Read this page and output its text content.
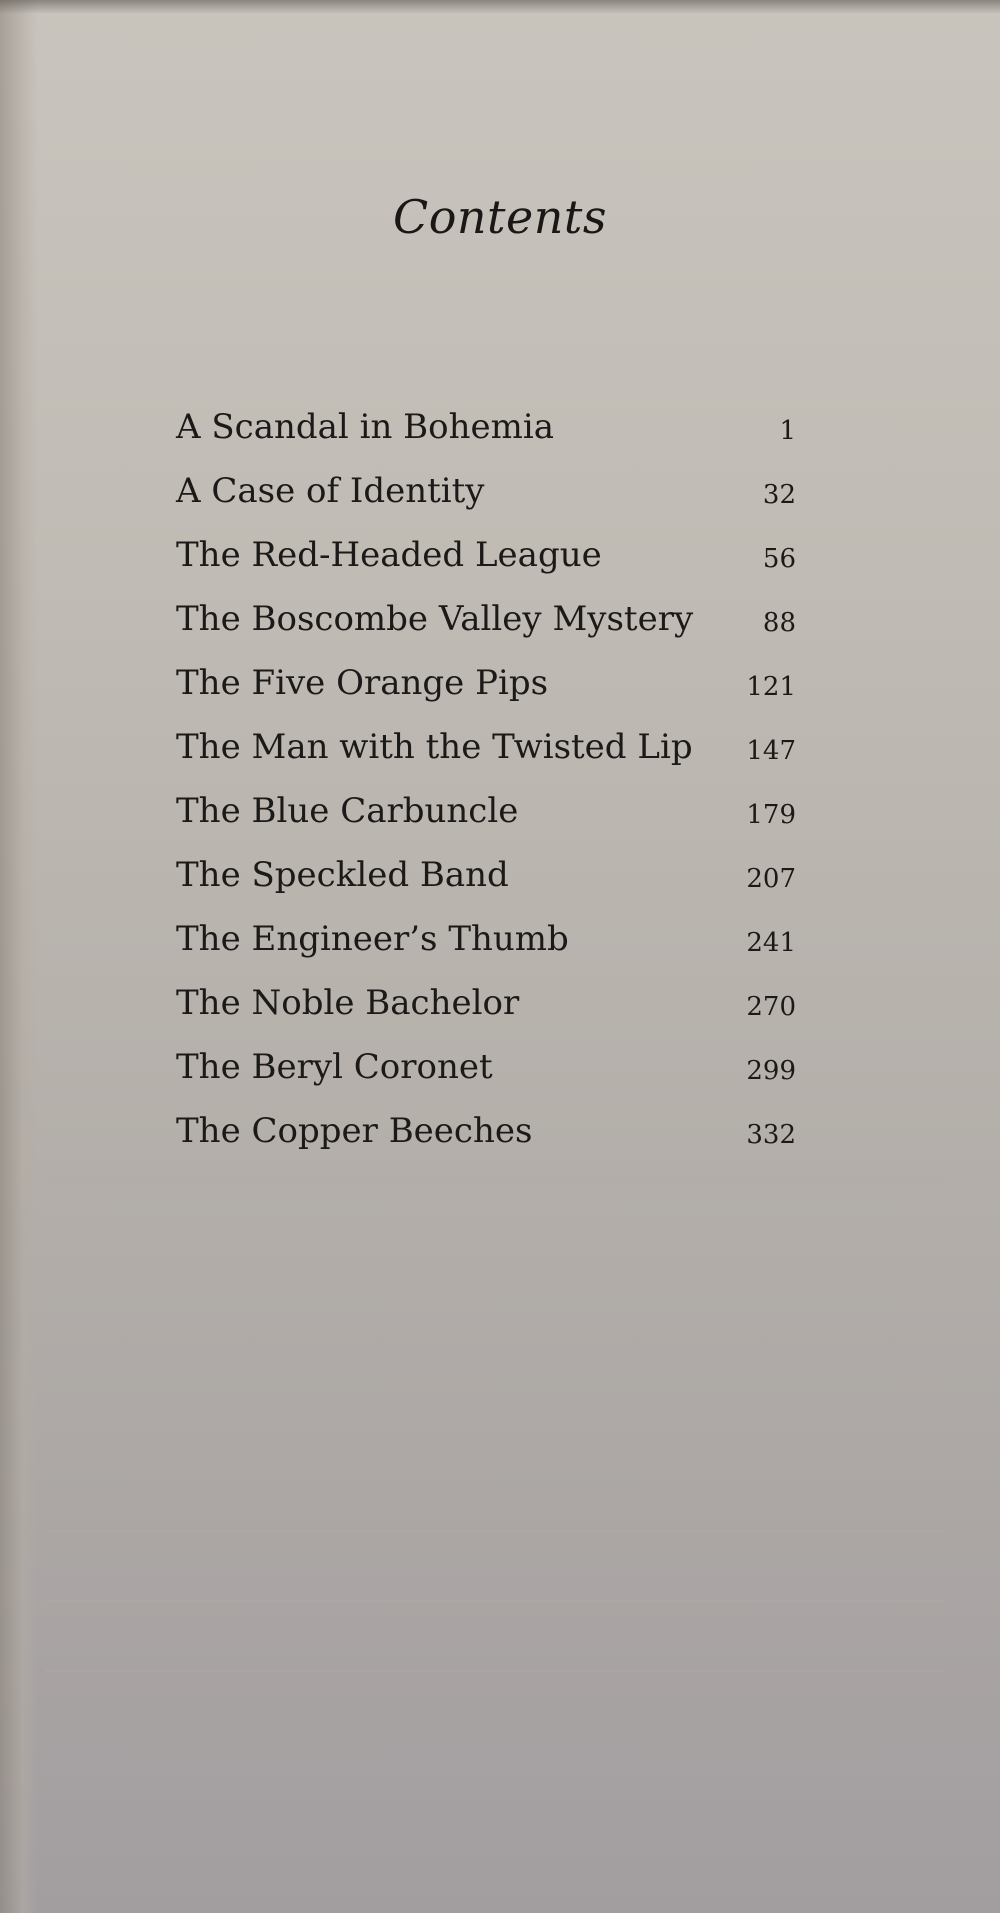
Contents
A Scandal in Bohemia	1
A Case of Identity	32
The Red-Headed League	56
The Boscombe Valley Mystery	88
The Five Orange Pips	121
The Man with the Twisted Lip 147
The Blue Carbuncle	179
The Speckled Band	207
The Engineer’s Thumb	241
The Noble Bachelor	270
The Beryl Coronet	299
The Copper Beeches	332
